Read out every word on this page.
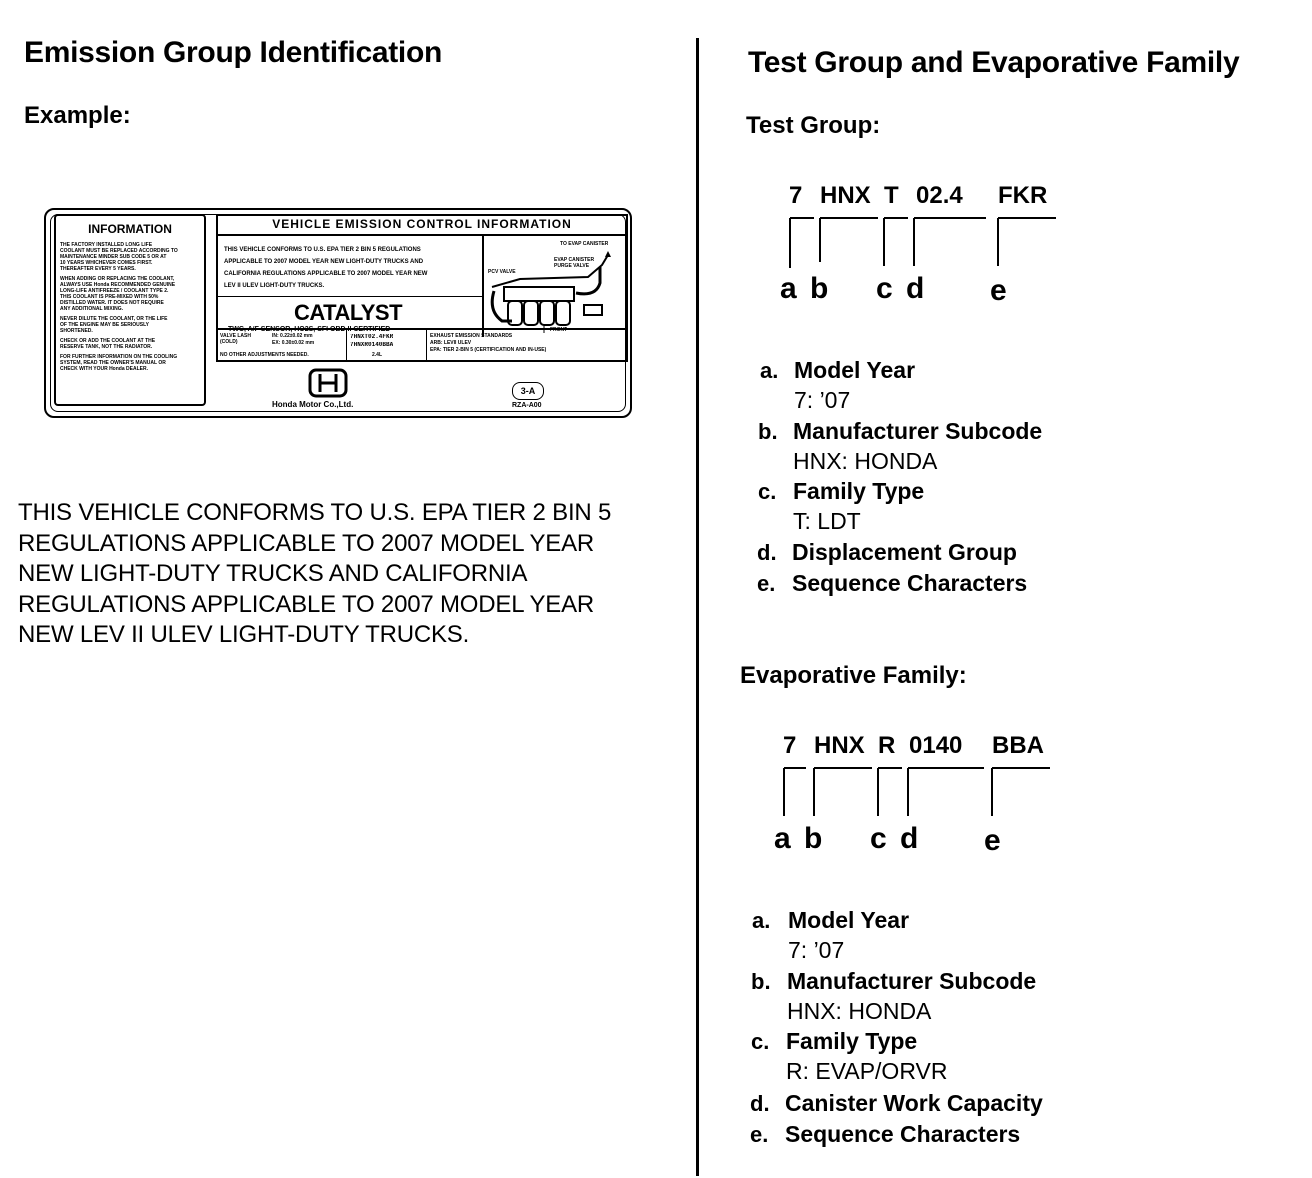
Emission Group Identification
Example:
INFORMATION
THE FACTORY INSTALLED LONG LIFE
COOLANT MUST BE REPLACED ACCORDING TO
MAINTENANCE MINDER SUB CODE 5 OR AT
10 YEARS WHICHEVER COMES FIRST.
THEREAFTER EVERY 5 YEARS.
WHEN ADDING OR REPLACING THE COOLANT,
ALWAYS USE Honda RECOMMENDED GENUINE
LONG-LIFE ANTIFREEZE / COOLANT TYPE 2.
THIS COOLANT IS PRE-MIXED WITH 50%
DISTILLED WATER. IT DOES NOT REQUIRE
ANY ADDITIONAL MIXING.
NEVER DILUTE THE COOLANT, OR THE LIFE
OF THE ENGINE MAY BE SERIOUSLY
SHORTENED.
CHECK OR ADD THE COOLANT AT THE
RESERVE TANK, NOT THE RADIATOR.
FOR FURTHER INFORMATION ON THE COOLING
SYSTEM, READ THE OWNER'S MANUAL OR
CHECK WITH YOUR Honda DEALER.
VEHICLE EMISSION CONTROL INFORMATION
THIS VEHICLE CONFORMS TO U.S. EPA TIER 2 BIN 5 REGULATIONS
APPLICABLE TO 2007 MODEL YEAR NEW LIGHT-DUTY TRUCKS AND
CALIFORNIA REGULATIONS APPLICABLE TO 2007 MODEL YEAR NEW
LEV II ULEV LIGHT-DUTY TRUCKS.
CATALYST
TWC, A/F SENSOR, HO2S, SFI OBD II CERTIFIED
TO EVAP CANISTER
PCV VALVE
EVAP CANISTER PURGE VALVE
FRONT
VALVE LASH
(COLD)
IN: 0.22±0.02 mm
EX: 0.30±0.02 mm
NO OTHER ADJUSTMENTS NEEDED.
7HNXT02.4FKR
7HNXR0140BBA
2.4L
EXHAUST EMISSION STANDARDS
ARB: LEVII ULEV
EPA: TIER 2-BIN 5 (CERTIFICATION AND IN-USE)
Honda Motor Co.,Ltd.
3-A
RZA-A00
THIS VEHICLE CONFORMS TO U.S. EPA TIER 2 BIN 5
REGULATIONS APPLICABLE TO 2007 MODEL YEAR
NEW LIGHT-DUTY TRUCKS AND CALIFORNIA
REGULATIONS APPLICABLE TO 2007 MODEL YEAR
NEW LEV II ULEV LIGHT-DUTY TRUCKS.
Test Group and Evaporative Family
Test Group:
7 HNX T 02.4 FKR
a b c d e
a. Model Year
7: ’07
b. Manufacturer Subcode
HNX: HONDA
c. Family Type
T: LDT
d. Displacement Group
e. Sequence Characters
Evaporative Family:
7 HNX R 0140 BBA
a b c d e
a. Model Year
7: ’07
b. Manufacturer Subcode
HNX: HONDA
c. Family Type
R: EVAP/ORVR
d. Canister Work Capacity
e. Sequence Characters
